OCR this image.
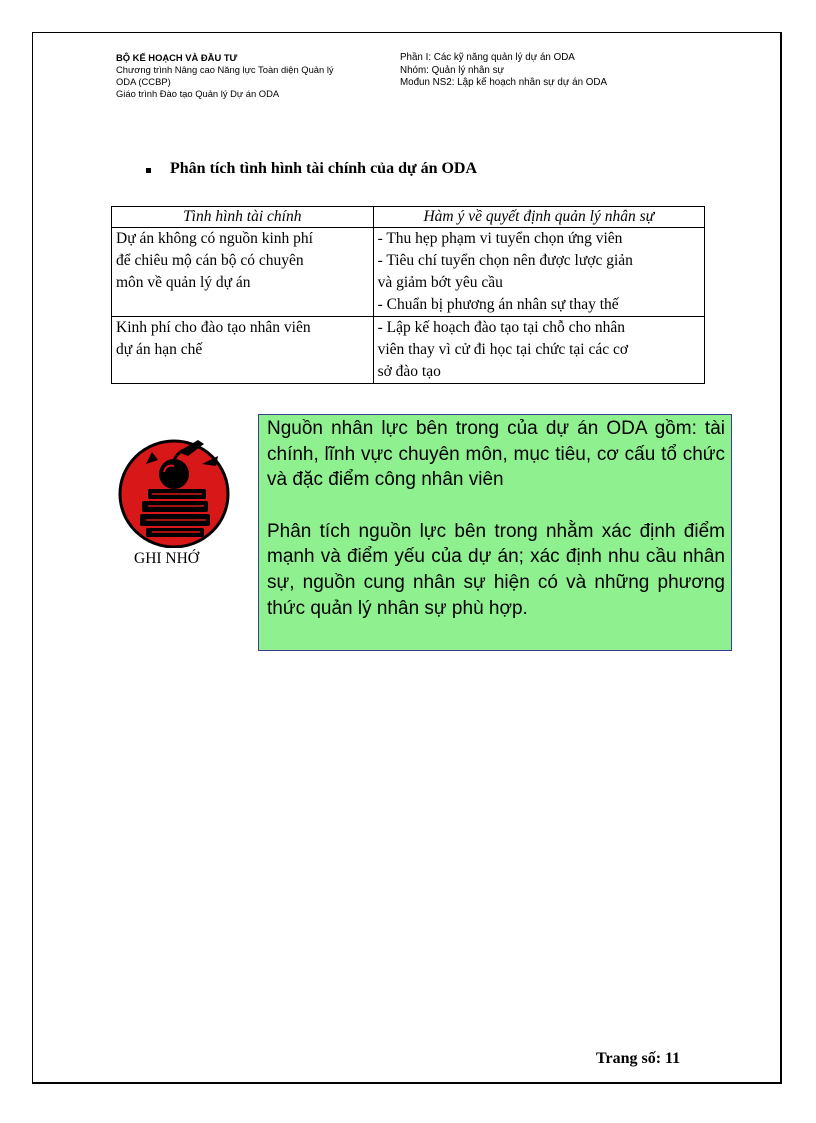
BỘ KẾ HOẠCH VÀ ĐẦU TƯ
Chương trình Nâng cao Năng lực Toàn diện Quản lý
ODA (CCBP)
Giáo trình Đào tạo Quản lý Dự án ODA
Phần I: Các kỹ năng quản lý dự án ODA
Nhóm: Quản lý nhân sự
Mođun NS2: Lập kế hoạch nhân sự dự án ODA
Phân tích tình hình tài chính của dự án ODA
Tình hình tài chính	Hàm ý về quyết định quản lý nhân sự

Dự án không có nguồn kinh phí
để chiêu mộ cán bộ có chuyên
môn về quản lý dự án	- Thu hẹp phạm vi tuyển chọn ứng viên
- Tiêu chí tuyển chọn nên được lược giản
và giảm bớt yêu cầu
- Chuẩn bị phương án nhân sự thay thế

Kinh phí cho đào tạo nhân viên
dự án hạn chế	- Lập kế hoạch đào tạo tại chỗ cho nhân
viên thay vì cử đi học tại chức tại các cơ
sở đào tạo
GHI NHỚ

Nguồn nhân lực bên trong của dự án ODA gồm: tài chính, lĩnh vực chuyên môn, mục tiêu, cơ cấu tổ chức và đặc điểm công nhân viên

Phân tích nguồn lực bên trong nhằm xác định điểm mạnh và điểm yếu của dự án; xác định nhu cầu nhân sự, nguồn cung nhân sự hiện có và những phương thức quản lý nhân sự phù hợp.

Trang số: 11
